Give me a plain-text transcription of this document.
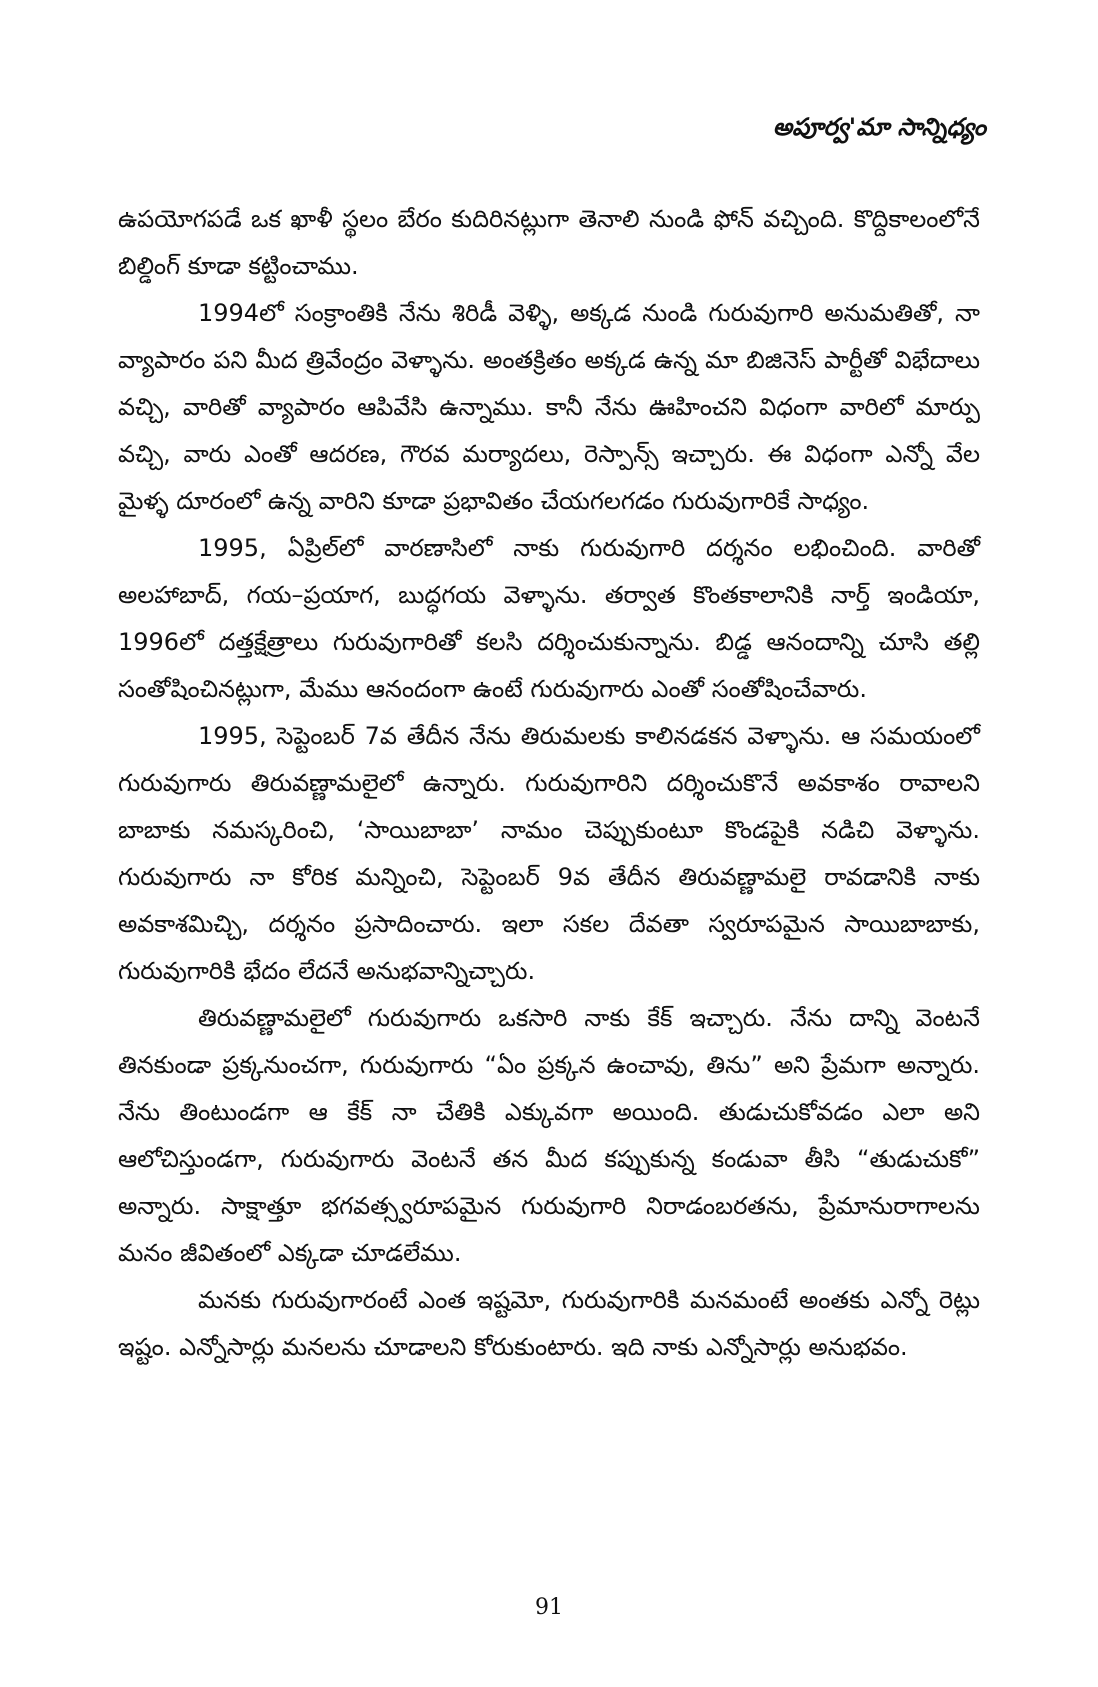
అపూర్వ'మా సాన్నిధ్యం

ఉపయోగపడే ఒక ఖాళీ స్థలం బేరం కుదిరినట్లుగా తెనాలి నుండి ఫోన్ వచ్చింది. కొద్దికాలంలోనే బిల్డింగ్ కూడా కట్టించాము.

1994లో సంక్రాంతికి నేను శిరిడీ వెళ్ళి, అక్కడ నుండి గురువుగారి అనుమతితో, నా వ్యాపారం పని మీద త్రివేంద్రం వెళ్ళాను. అంతక్రితం అక్కడ ఉన్న మా బిజినెస్ పార్టీతో విభేదాలు వచ్చి, వారితో వ్యాపారం ఆపివేసి ఉన్నాము. కానీ నేను ఊహించని విధంగా వారిలో మార్పు వచ్చి, వారు ఎంతో ఆదరణ, గౌరవ మర్యాదలు, రెస్పాన్స్ ఇచ్చారు. ఈ విధంగా ఎన్నో వేల మైళ్ళ దూరంలో ఉన్న వారిని కూడా ప్రభావితం చేయగలగడం గురువుగారికే సాధ్యం.

1995, ఏప్రిల్‌లో వారణాసిలో నాకు గురువుగారి దర్శనం లభించింది. వారితో అలహాబాద్, గయ–ప్రయాగ, బుద్ధగయ వెళ్ళాను. తర్వాత కొంతకాలానికి నార్త్ ఇండియా, 1996లో దత్తక్షేత్రాలు గురువుగారితో కలసి దర్శించుకున్నాను. బిడ్డ ఆనందాన్ని చూసి తల్లి సంతోషించినట్లుగా, మేము ఆనందంగా ఉంటే గురువుగారు ఎంతో సంతోషించేవారు.

1995, సెప్టెంబర్ 7వ తేదీన నేను తిరుమలకు కాలినడకన వెళ్ళాను. ఆ సమయంలో గురువుగారు తిరువణ్ణామలైలో ఉన్నారు. గురువుగారిని దర్శించుకొనే అవకాశం రావాలని బాబాకు నమస్కరించి, ‘సాయిబాబా’ నామం చెప్పుకుంటూ కొండపైకి నడిచి వెళ్ళాను. గురువుగారు నా కోరిక మన్నించి, సెప్టెంబర్ 9వ తేదీన తిరువణ్ణామలై రావడానికి నాకు అవకాశమిచ్చి, దర్శనం ప్రసాదించారు. ఇలా సకల దేవతా స్వరూపమైన సాయిబాబాకు, గురువుగారికి భేదం లేదనే అనుభవాన్నిచ్చారు.

తిరువణ్ణామలైలో గురువుగారు ఒకసారి నాకు కేక్ ఇచ్చారు. నేను దాన్ని వెంటనే తినకుండా ప్రక్కనుంచగా, గురువుగారు “ఏం ప్రక్కన ఉంచావు, తిను” అని ప్రేమగా అన్నారు. నేను తింటుండగా ఆ కేక్ నా చేతికి ఎక్కువగా అయింది. తుడుచుకోవడం ఎలా అని ఆలోచిస్తుండగా, గురువుగారు వెంటనే తన మీద కప్పుకున్న కండువా తీసి “తుడుచుకో” అన్నారు. సాక్షాత్తూ భగవత్స్వరూపమైన గురువుగారి నిరాడంబరతను, ప్రేమానురాగాలను మనం జీవితంలో ఎక్కడా చూడలేము.

మనకు గురువుగారంటే ఎంత ఇష్టమో, గురువుగారికి మనమంటే అంతకు ఎన్నో రెట్లు ఇష్టం. ఎన్నోసార్లు మనలను చూడాలని కోరుకుంటారు. ఇది నాకు ఎన్నోసార్లు అనుభవం.

91
